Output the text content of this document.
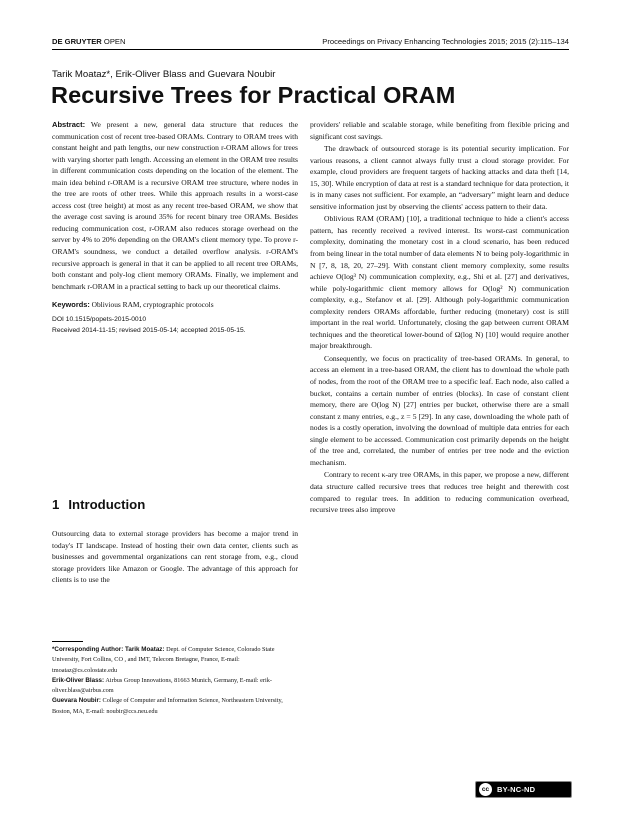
DE GRUYTER OPEN	Proceedings on Privacy Enhancing Technologies 2015; 2015 (2):115–134
Tarik Moataz*, Erik-Oliver Blass and Guevara Noubir
Recursive Trees for Practical ORAM
Abstract: We present a new, general data structure that reduces the communication cost of recent tree-based ORAMs. Contrary to ORAM trees with constant height and path lengths, our new construction r-ORAM allows for trees with varying shorter path length. Accessing an element in the ORAM tree results in different communication costs depending on the location of the element. The main idea behind r-ORAM is a recursive ORAM tree structure, where nodes in the tree are roots of other trees. While this approach results in a worst-case access cost (tree height) at most as any recent tree-based ORAM, we show that the average cost saving is around 35% for recent binary tree ORAMs. Besides reducing communication cost, r-ORAM also reduces storage overhead on the server by 4% to 20% depending on the ORAM's client memory type. To prove r-ORAM's soundness, we conduct a detailed overflow analysis. r-ORAM's recursive approach is general in that it can be applied to all recent tree ORAMs, both constant and poly-log client memory ORAMs. Finally, we implement and benchmark r-ORAM in a practical setting to back up our theoretical claims.
Keywords: Oblivious RAM, cryptographic protocols
DOI 10.1515/popets-2015-0010
Received 2014-11-15; revised 2015-05-14; accepted 2015-05-15.
1 Introduction
Outsourcing data to external storage providers has become a major trend in today's IT landscape. Instead of hosting their own data center, clients such as businesses and governmental organizations can rent storage from, e.g., cloud storage providers like Amazon or Google. The advantage of this approach for clients is to use the

*Corresponding Author: Tarik Moataz: Dept. of Computer Science, Colorado State University, Fort Collins, CO , and IMT, Telecom Bretagne, France, E-mail: tmoataz@cs.colostate.edu

Erik-Oliver Blass: Airbus Group Innovations, 81663 Munich, Germany, E-mail: erik-oliver.blass@airbus.com

Guevara Noubir: College of Computer and Information Science, Northeastern University, Boston, MA, E-mail: noubir@ccs.neu.edu

providers' reliable and scalable storage, while benefiting from flexible pricing and significant cost savings.

The drawback of outsourced storage is its potential security implication. For various reasons, a client cannot always fully trust a cloud storage provider. For example, cloud providers are frequent targets of hacking attacks and data theft [14, 15, 30]. While encryption of data at rest is a standard technique for data protection, it is in many cases not sufficient. For example, an “adversary” might learn and deduce sensitive information just by observing the clients' access pattern to their data.

Oblivious RAM (ORAM) [10], a traditional technique to hide a client's access pattern, has recently received a revived interest. Its worst-cast communication complexity, dominating the monetary cost in a cloud scenario, has been reduced from being linear in the total number of data elements N to being poly-logarithmic in N [7, 8, 18, 20, 27–29]. With constant client memory complexity, some results achieve O(log³ N) communication complexity, e.g., Shi et al. [27] and derivatives, while poly-logarithmic client memory allows for O(log² N) communication complexity, e.g., Stefanov et al. [29]. Although poly-logarithmic communication complexity renders ORAMs affordable, further reducing (monetary) cost is still important in the real world. Unfortunately, closing the gap between current ORAM techniques and the theoretical lower-bound of Ω(log N) [10] would require another major breakthrough.

Consequently, we focus on practicality of tree-based ORAMs. In general, to access an element in a tree-based ORAM, the client has to download the whole path of nodes, from the root of the ORAM tree to a specific leaf. Each node, also called a bucket, contains a certain number of entries (blocks). In case of constant client memory, there are O(log N) [27] entries per bucket, otherwise there are a small constant z many entries, e.g., z = 5 [29]. In any case, downloading the whole path of nodes is a costly operation, involving the download of multiple data entries for each single element to be accessed. Communication cost primarily depends on the height of the tree and, correlated, the number of entries per tree node and the eviction mechanism.

Contrary to recent κ-ary tree ORAMs, in this paper, we propose a new, different data structure called recursive trees that reduces tree height and therewith cost compared to regular trees. In addition to reducing communication overhead, recursive trees also improve

cc	BY-NC-ND
